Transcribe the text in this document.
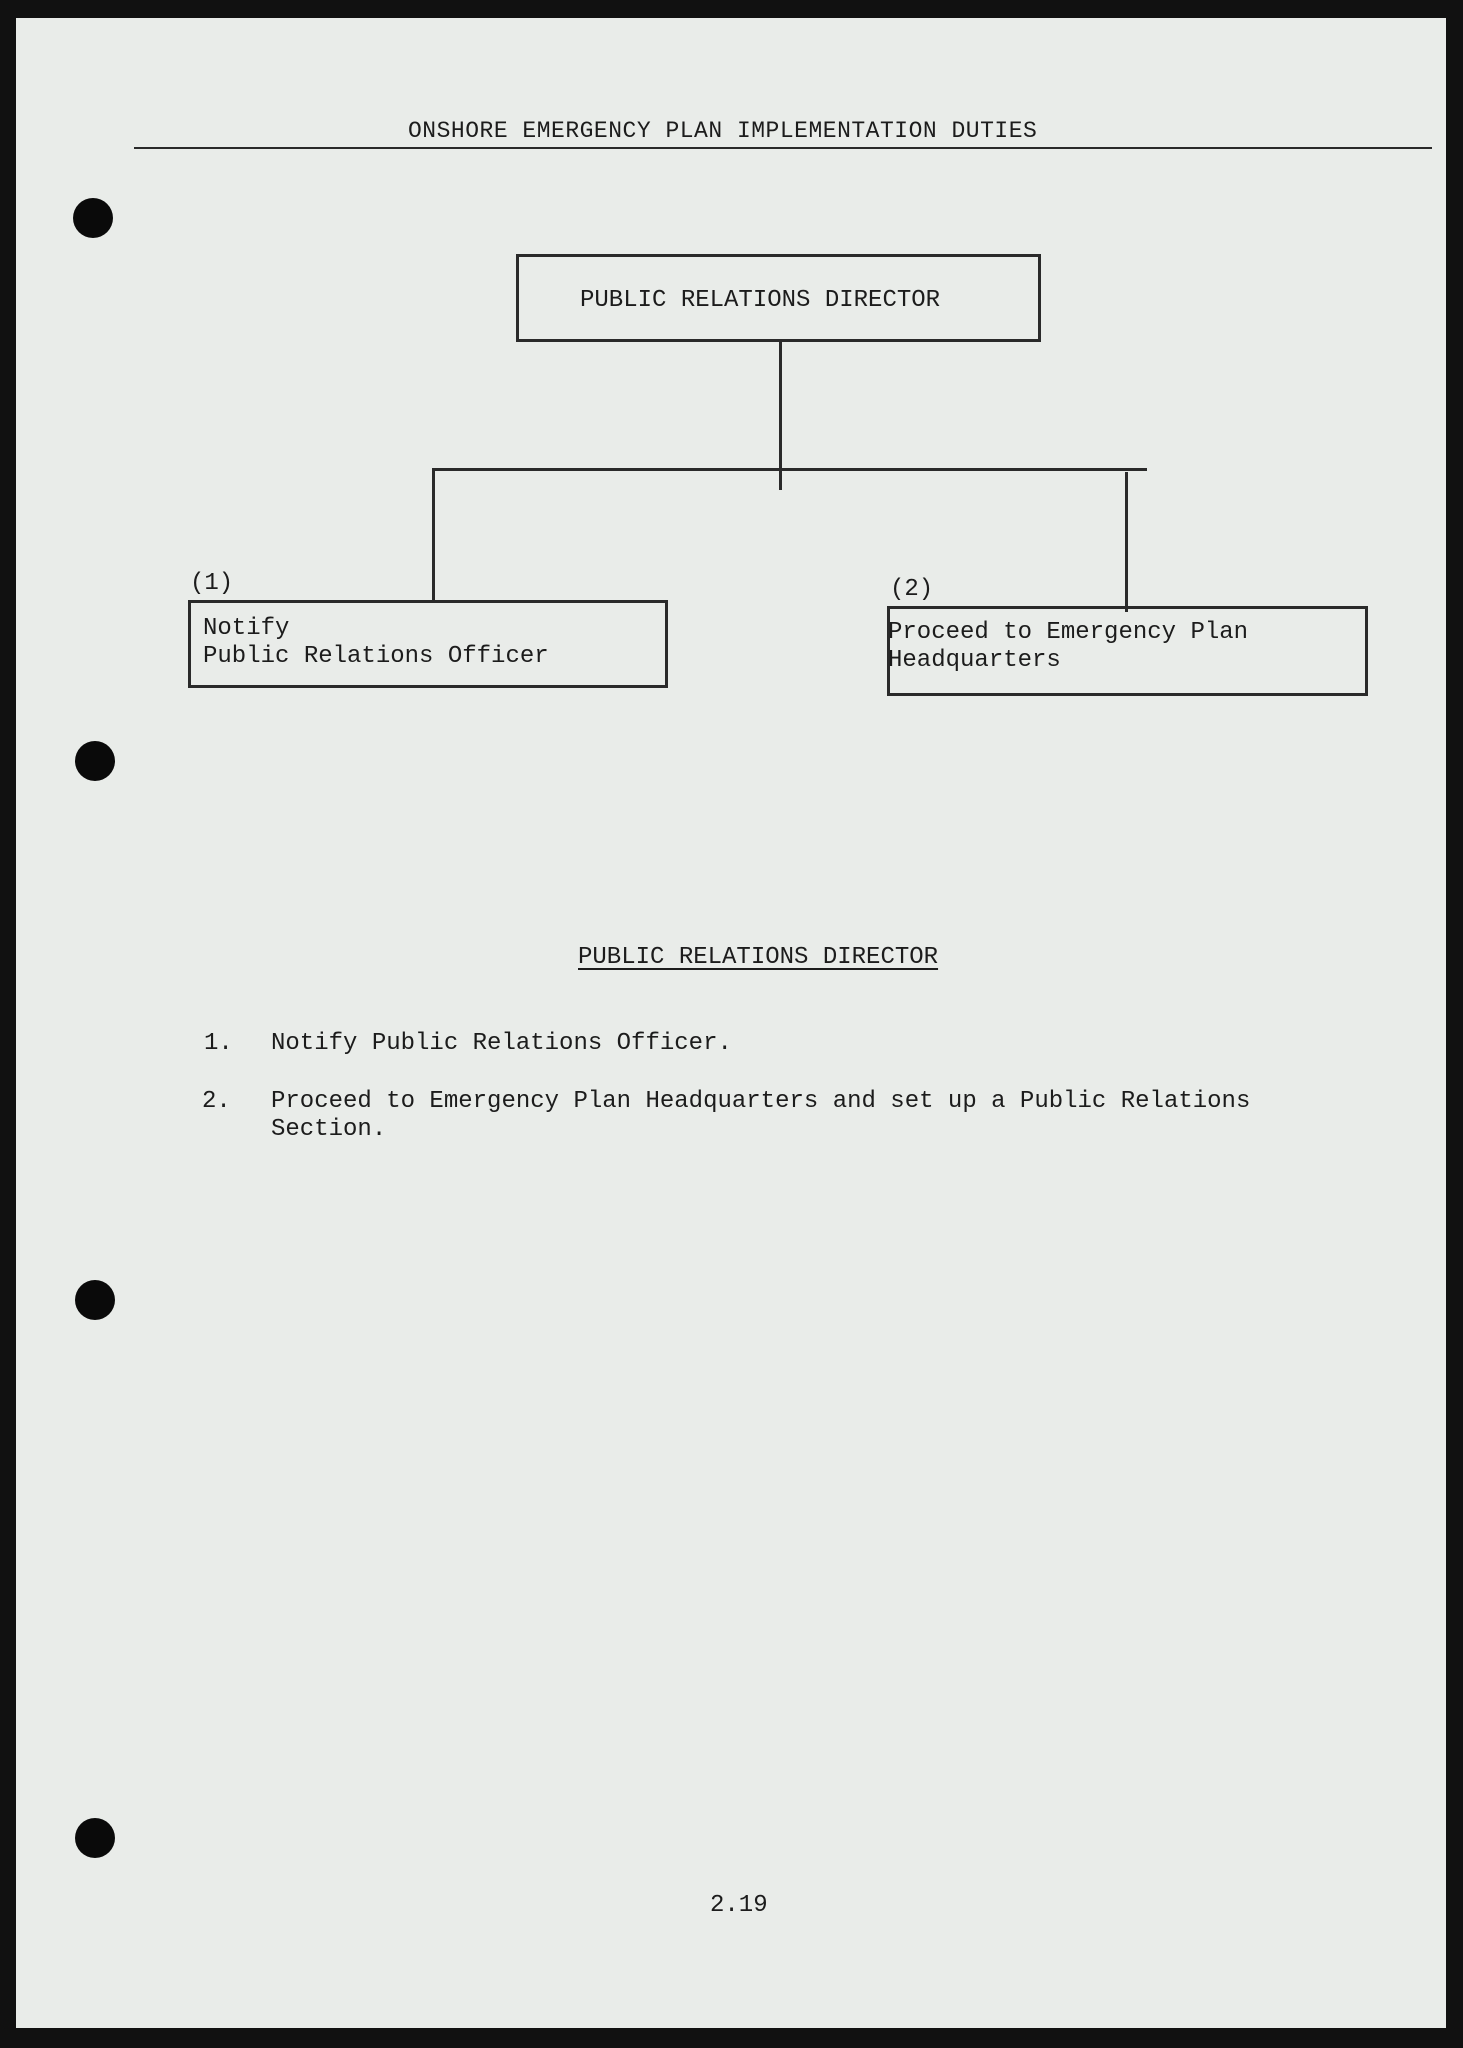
ONSHORE EMERGENCY PLAN IMPLEMENTATION DUTIES
PUBLIC RELATIONS DIRECTOR
(1)
Notify
Public Relations Officer
(2)
Proceed to Emergency Plan
Headquarters
PUBLIC RELATIONS DIRECTOR
1. Notify Public Relations Officer.
2. Proceed to Emergency Plan Headquarters and set up a Public Relations Section.
2.19
